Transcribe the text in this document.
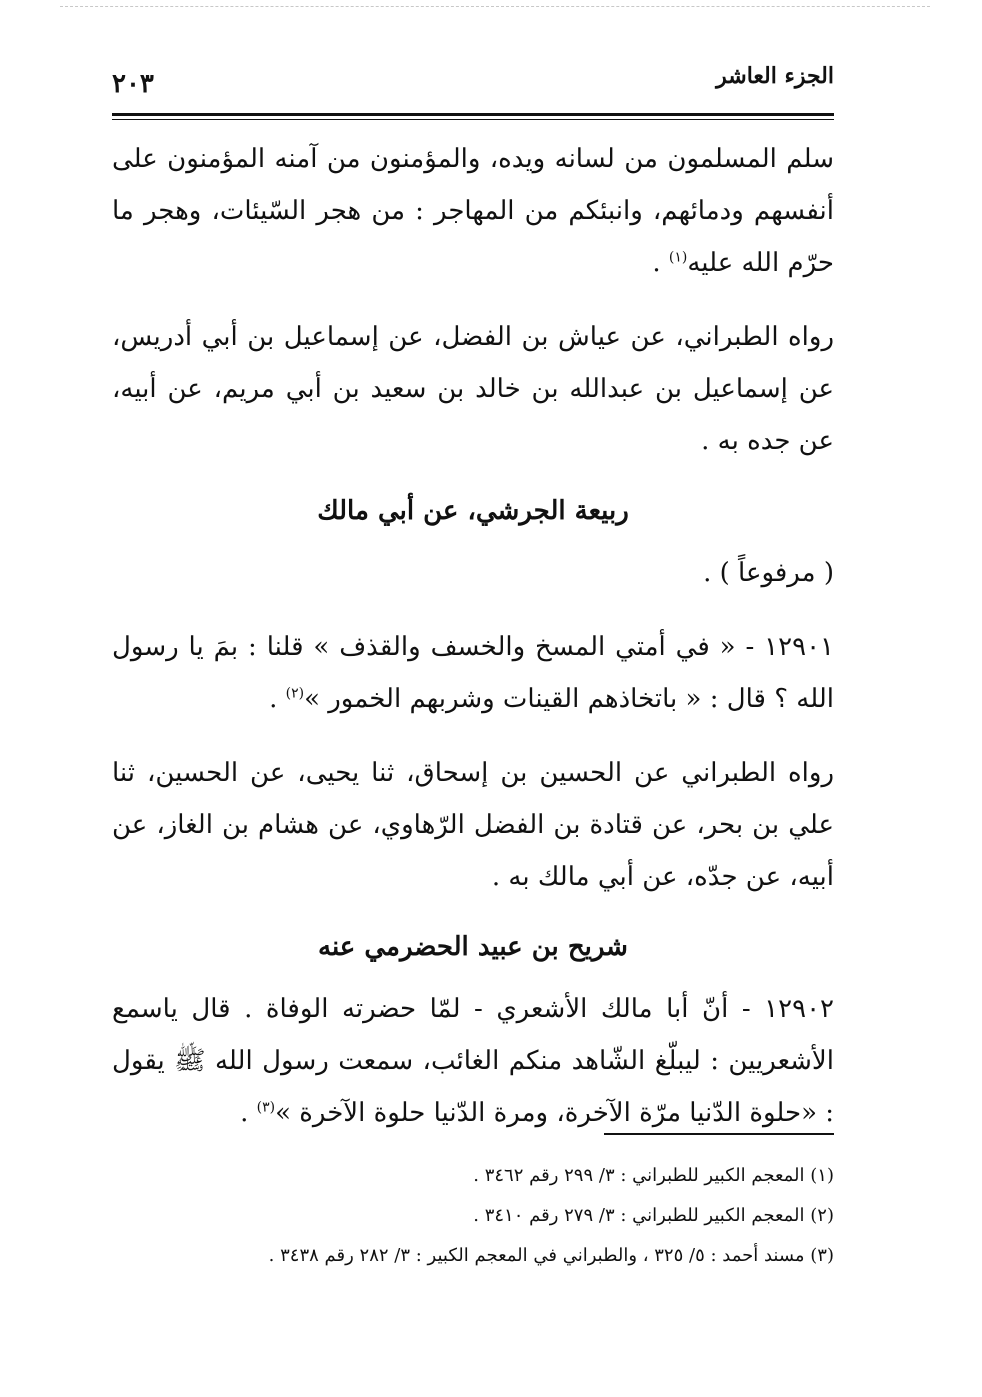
الجزء العاشر
٢٠٣

سلم المسلمون من لسانه ويده، والمؤمنون من آمنه المؤمنون على أنفسهم ودمائهم، وانبئكم من المهاجر : من هجر السّيئات، وهجر ما حرّم الله عليه$^{(١)}$ .

رواه الطبراني، عن عياش بن الفضل، عن إسماعيل بن أبي أدريس، عن إسماعيل بن عبدالله بن خالد بن سعيد بن أبي مريم، عن أبيه، عن جده به .

ربيعة الجرشي، عن أبي مالك

( مرفوعاً ) .

١٢٩٠١ - « في أمتي المسخ والخسف والقذف » قلنا : بمَ يا رسول الله ؟ قال : « باتخاذهم القينات وشربهم الخمور »$^{(٢)}$ .

رواه الطبراني عن الحسين بن إسحاق، ثنا يحيى، عن الحسين، ثنا علي بن بحر، عن قتادة بن الفضل الرّهاوي، عن هشام بن الغاز، عن أبيه، عن جدّه، عن أبي مالك به .

شريح بن عبيد الحضرمي عنه

١٢٩٠٢ - أنّ أبا مالك الأشعري - لمّا حضرته الوفاة . قال ياسمع الأشعريين : ليبلّغ الشّاهد منكم الغائب، سمعت رسول الله ﷺ يقول : «حلوة الدّنيا مرّة الآخرة، ومرة الدّنيا حلوة الآخرة »$^{(٣)}$ .

(١) المعجم الكبير للطبراني : ٣/ ٢٩٩ رقم ٣٤٦٢ .

(٢) المعجم الكبير للطبراني : ٣/ ٢٧٩ رقم ٣٤١٠ .

(٣) مسند أحمد : ٥/ ٣٢٥ ، والطبراني في المعجم الكبير : ٣/ ٢٨٢ رقم ٣٤٣٨ .
